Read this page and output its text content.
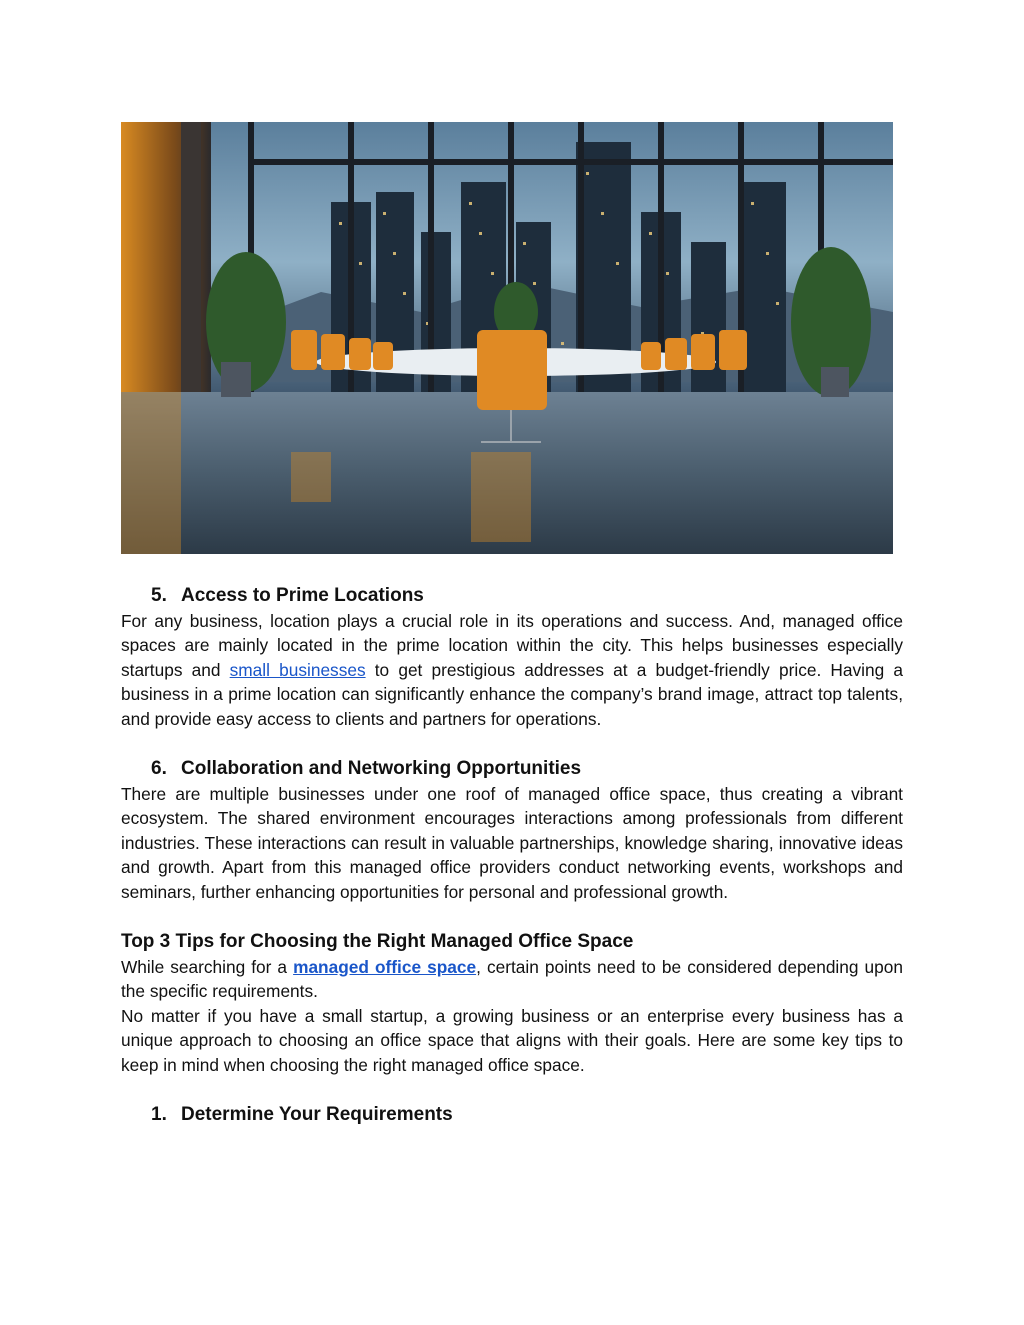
5. Access to Prime Locations

For any business, location plays a crucial role in its operations and success. And, managed office spaces are mainly located in the prime location within the city. This helps businesses especially startups and small businesses to get prestigious addresses at a budget-friendly price. Having a business in a prime location can significantly enhance the company’s brand image, attract top talents, and provide easy access to clients and partners for operations.

6. Collaboration and Networking Opportunities

There are multiple businesses under one roof of managed office space, thus creating a vibrant ecosystem. The shared environment encourages interactions among professionals from different industries. These interactions can result in valuable partnerships, knowledge sharing, innovative ideas and growth. Apart from this managed office providers conduct networking events, workshops and seminars, further enhancing opportunities for personal and professional growth.

Top 3 Tips for Choosing the Right Managed Office Space

While searching for a managed office space, certain points need to be considered depending upon the specific requirements.

No matter if you have a small startup, a growing business or an enterprise every business has a unique approach to choosing an office space that aligns with their goals. Here are some key tips to keep in mind when choosing the right managed office space.

1. Determine Your Requirements
